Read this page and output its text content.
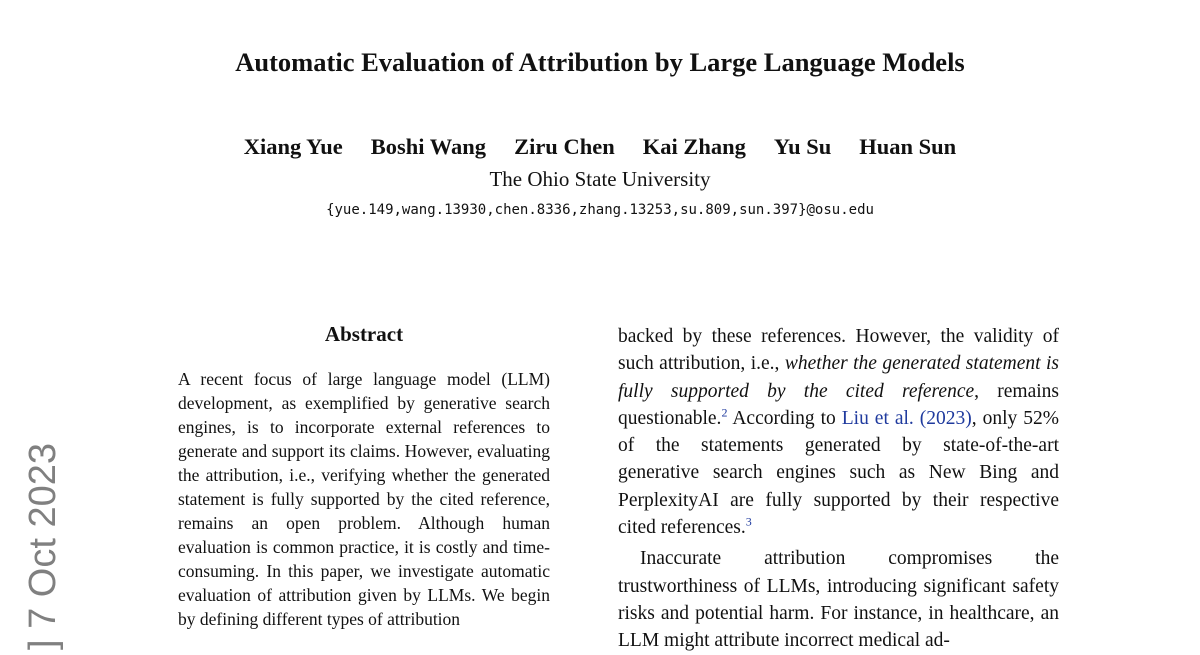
Automatic Evaluation of Attribution by Large Language Models
Xiang Yue Boshi Wang Ziru Chen Kai Zhang Yu Su Huan Sun
The Ohio State University
{yue.149,wang.13930,chen.8336,zhang.13253,su.809,sun.397}@osu.edu
Abstract

A recent focus of large language model (LLM) development, as exemplified by generative search engines, is to incorporate external references to generate and support its claims. However, evaluating the attribution, i.e., verifying whether the generated statement is fully supported by the cited reference, remains an open problem. Although human evaluation is common practice, it is costly and time-consuming. In this paper, we investigate automatic evaluation of attribution given by LLMs. We begin by defining different types of attribution

backed by these references. However, the validity of such attribution, i.e., whether the generated statement is fully supported by the cited reference, remains questionable.$^2$ According to Liu et al. (2023), only 52% of the statements generated by state-of-the-art generative search engines such as New Bing and PerplexityAI are fully supported by their respective cited references.$^3$

Inaccurate attribution compromises the trustworthiness of LLMs, introducing significant safety risks and potential harm. For instance, in healthcare, an LLM might attribute incorrect medical ad-

] 7 Oct 2023
